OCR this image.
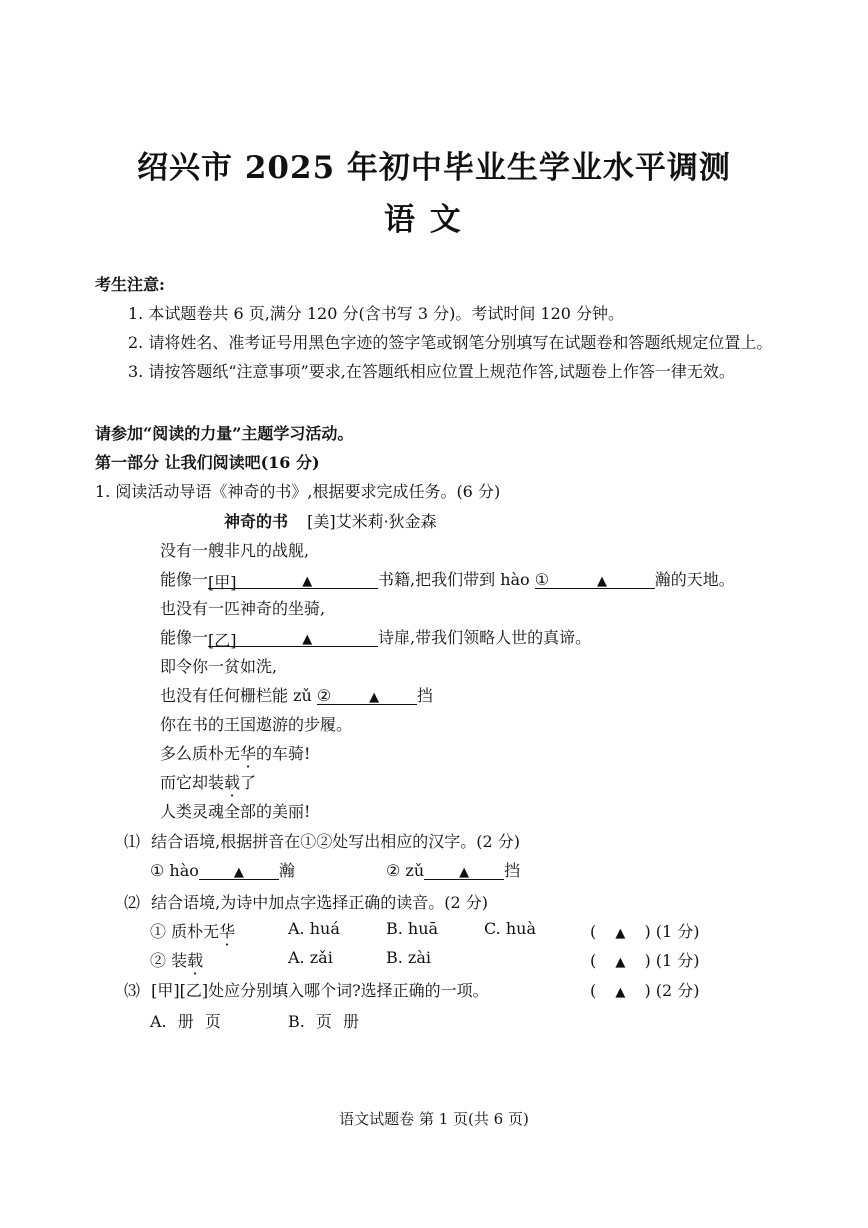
绍兴市 2025 年初中毕业生学业水平调测
语 文
考生注意:
1. 本试题卷共 6 页,满分 120 分(含书写 3 分)。考试时间 120 分钟。
2. 请将姓名、准考证号用黑色字迹的签字笔或钢笔分别填写在试题卷和答题纸规定位置上。
3. 请按答题纸“注意事项”要求,在答题纸相应位置上规范作答,试题卷上作答一律无效。
请参加“阅读的力量”主题学习活动。
第一部分 让我们阅读吧(16 分)
1. 阅读活动导语《神奇的书》,根据要求完成任务。(6 分)
神奇的书 [美]艾米莉·狄金森
没有一艘非凡的战舰,
能像一 [甲]	▲	书籍,把我们带到 hào ①	▲	瀚的天地。
也没有一匹神奇的坐骑,
能像一 [乙]	▲	诗扉,带我们领略人世的真谛。
即令你一贫如洗,
也没有任何栅栏能 zǔ ②	▲ 挡
你在书的王国遨游的步履。
多么质朴无华的车骑!
而它却装载了
人类灵魂全部的美丽!
⑴ 结合语境,根据拼音在①②处写出相应的汉字。(2 分)
① hào	▲ 瀚	② zǔ	▲ 挡
⑵ 结合语境,为诗中加点字选择正确的读音。(2 分)
① 质朴无华	A. huá	B. huā	C. huà	( ▲ ) (1 分)
② 装载	A. zǎi	B. zài	( ▲ ) (1 分)
⑶ [甲][乙]处应分别填入哪个词?选择正确的一项。	( ▲ ) (2 分)
A. 册 页	B. 页 册
语文试题卷 第 1 页(共 6 页)
